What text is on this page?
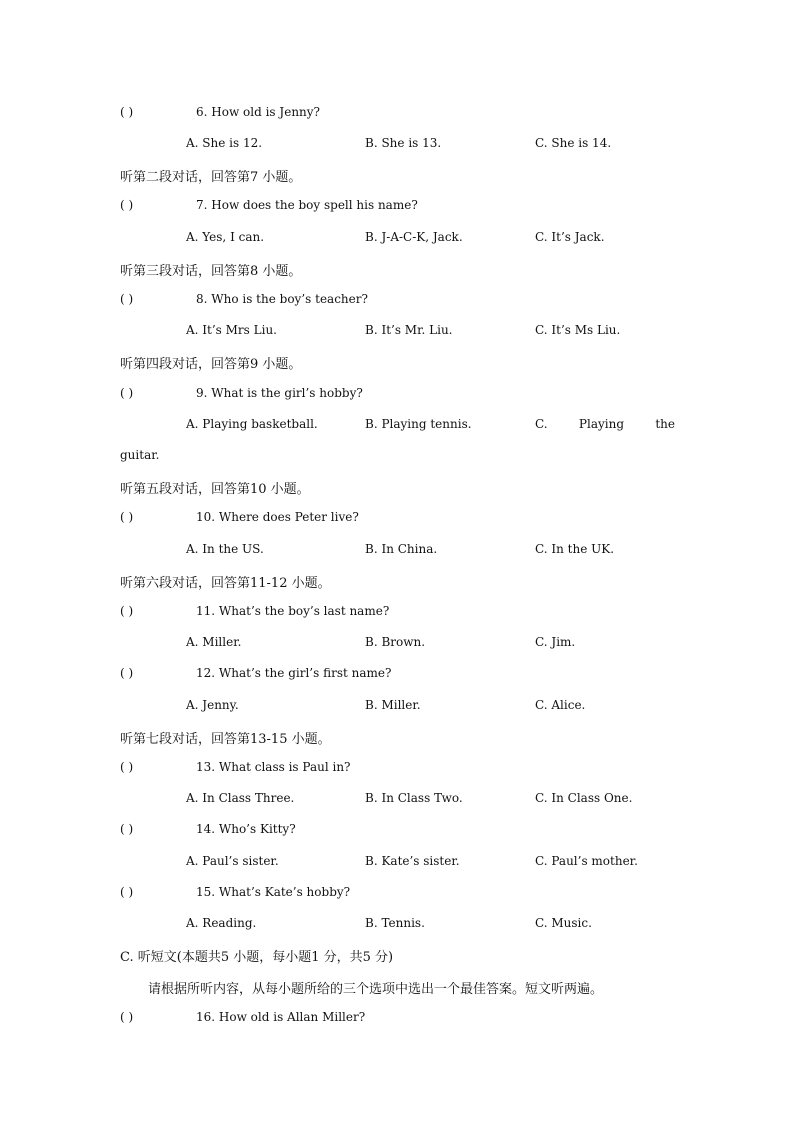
( )	6. How old is Jenny?
A. She is 12.	B. She is 13.	C. She is 14.
听第二段对话，回答第7 小题。
( )	7. How does the boy spell his name?
A. Yes, I can.	B. J-A-C-K, Jack.	C. It’s Jack.
听第三段对话，回答第8 小题。
( )	8. Who is the boy’s teacher?
A. It’s Mrs Liu.	B. It’s Mr. Liu.	C. It’s Ms Liu.
听第四段对话，回答第9 小题。
( )	9. What is the girl’s hobby?
A. Playing basketball.	B. Playing tennis.	C.	Playing	the
guitar.
听第五段对话，回答第10 小题。
( )	10. Where does Peter live?
A. In the US.	B. In China.	C. In the UK.
听第六段对话，回答第11-12 小题。
( )	11. What’s the boy’s last name?
A. Miller.	B. Brown.	C. Jim.
( )	12. What’s the girl’s first name?
A. Jenny.	B. Miller.	C. Alice.
听第七段对话，回答第13-15 小题。
( )	13. What class is Paul in?
A. In Class Three.	B. In Class Two.	C. In Class One.
( )	14. Who’s Kitty?
A. Paul’s sister.	B. Kate’s sister.	C. Paul’s mother.
( )	15. What’s Kate’s hobby?
A. Reading.	B. Tennis.	C. Music.
C. 听短文(本题共5 小题，每小题1 分，共5 分)
请根据所听内容，从每小题所给的三个选项中选出一个最佳答案。短文听两遍。
( )	16. How old is Allan Miller?
